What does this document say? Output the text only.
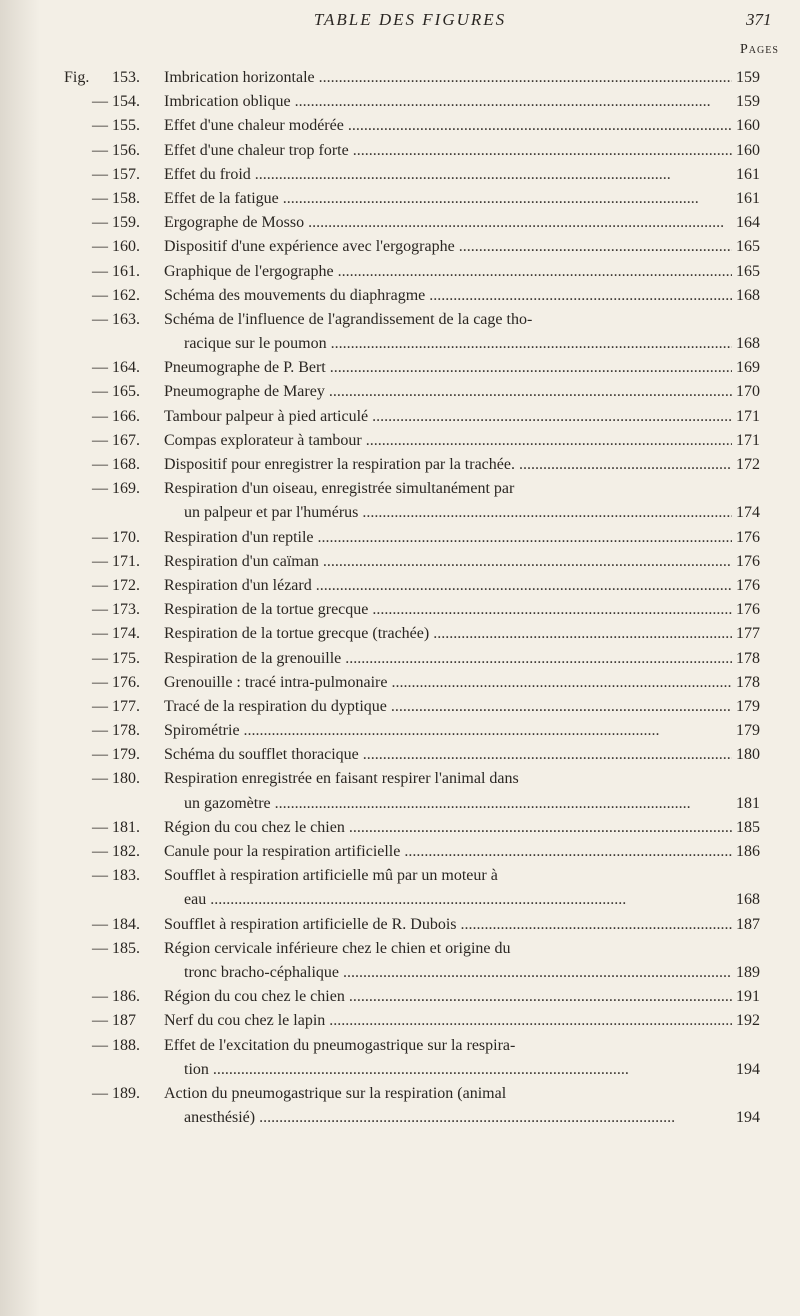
TABLE DES FIGURES	371
Pages
Fig.	153.	Imbrication horizontale . . .	159
— 154.	Imbrication oblique . . .	159
— 155.	Effet d'une chaleur modérée . . .	160
— 156.	Effet d'une chaleur trop forte . . .	160
— 157.	Effet du froid . . .	161
— 158.	Effet de la fatigue . . .	161
— 159.	Ergographe de Mosso . . .	164
— 160.	Dispositif d'une expérience avec l'ergographe . . .	165
— 161.	Graphique de l'ergographe . . .	165
— 162.	Schéma des mouvements du diaphragme . . .	168
— 163.	Schéma de l'influence de l'agrandissement de la cage tho-
racique sur le poumon . . .	168
— 164.	Pneumographe de P. Bert . . .	169
— 165.	Pneumographe de Marey . . .	170
— 166.	Tambour palpeur à pied articulé . . .	171
— 167.	Compas explorateur à tambour . . .	171
— 168.	Dispositif pour enregistrer la respiration par la trachée. . . .	172
— 169.	Respiration d'un oiseau, enregistrée simultanément par
un palpeur et par l'humérus . . .	174
— 170.	Respiration d'un reptile . . .	176
— 171.	Respiration d'un caïman . . .	176
— 172.	Respiration d'un lézard . . .	176
— 173.	Respiration de la tortue grecque . . .	176
— 174.	Respiration de la tortue grecque (trachée) . . .	177
— 175.	Respiration de la grenouille . . .	178
— 176.	Grenouille : tracé intra-pulmonaire . . .	178
— 177.	Tracé de la respiration du dyptique . . .	179
— 178.	Spirométrie . . .	179
— 179.	Schéma du soufflet thoracique . . .	180
— 180.	Respiration enregistrée en faisant respirer l'animal dans
un gazomètre . . .	181
— 181.	Région du cou chez le chien . . .	185
— 182.	Canule pour la respiration artificielle . . .	186
— 183.	Soufflet à respiration artificielle mû par un moteur à
eau . . .	168
— 184.	Soufflet à respiration artificielle de R. Dubois . . .	187
— 185.	Région cervicale inférieure chez le chien et origine du
tronc bracho-céphalique . . .	189
— 186.	Région du cou chez le chien . . .	191
— 187	Nerf du cou chez le lapin . . .	192
— 188.	Effet de l'excitation du pneumogastrique sur la respira-
tion . . .	194
— 189.	Action du pneumogastrique sur la respiration (animal
anesthésié) . . .	194
